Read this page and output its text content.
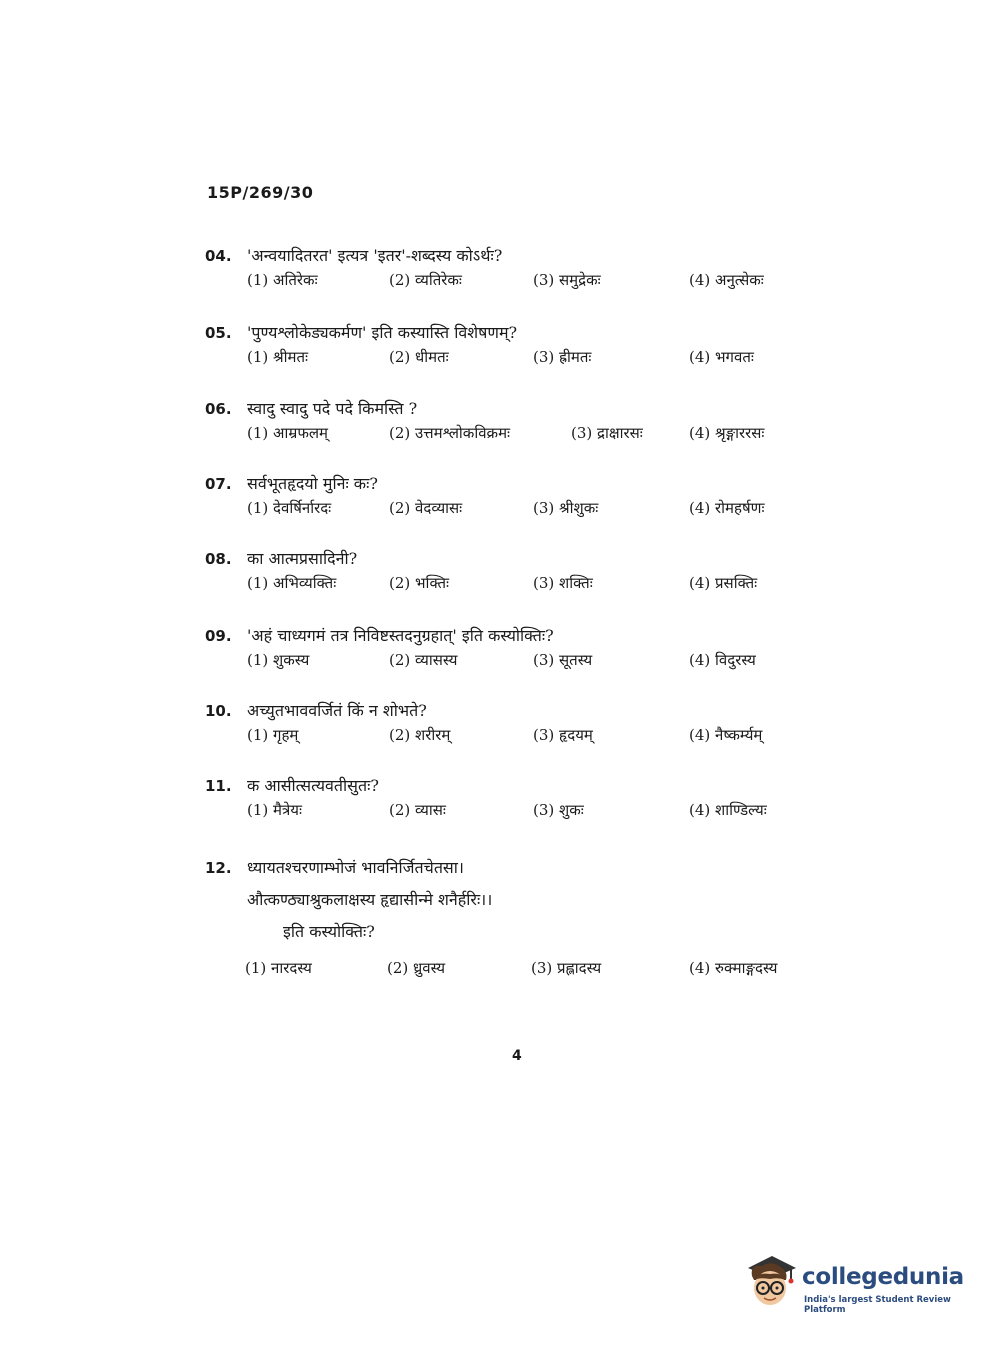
15P/269/30
04. 'अन्वयादितरत' इत्यत्र 'इतर'-शब्दस्य कोऽर्थः?
(1) अतिरेकः	(2) व्यतिरेकः	(3) समुद्रेकः	(4) अनुत्सेकः
05. 'पुण्यश्लोकेड्यकर्मण' इति कस्यास्ति विशेषणम्?
(1) श्रीमतः	(2) धीमतः	(3) ह्रीमतः	(4) भगवतः
06. स्वादु स्वादु पदे पदे किमस्ति ?
(1) आम्रफलम्	(2) उत्तमश्लोकविक्रमः	(3) द्राक्षारसः	(4) श्रृङ्गाररसः
07. सर्वभूतहृदयो मुनिः कः?
(1) देवर्षिर्नारदः	(2) वेदव्यासः	(3) श्रीशुकः	(4) रोमहर्षणः
08. का आत्मप्रसादिनी?
(1) अभिव्यक्तिः	(2) भक्तिः	(3) शक्तिः	(4) प्रसक्तिः
09. 'अहं चाध्यगमं तत्र निविष्टस्तदनुग्रहात्' इति कस्योक्तिः?
(1) शुकस्य	(2) व्यासस्य	(3) सूतस्य	(4) विदुरस्य
10. अच्युतभाववर्जितं किं न शोभते?
(1) गृहम्	(2) शरीरम्	(3) हृदयम्	(4) नैष्कर्म्यम्
11. क आसीत्सत्यवतीसुतः?
(1) मैत्रेयः	(2) व्यासः	(3) शुकः	(4) शाण्डिल्यः
12. ध्यायतश्चरणाम्भोजं भावनिर्जितचेतसा।
औत्कण्ठ्याश्रुकलाक्षस्य हृद्यासीन्मे शनैर्हरिः।।
इति कस्योक्तिः?
(1) नारदस्य	(2) ध्रुवस्य	(3) प्रह्लादस्य	(4) रुक्माङ्गदस्य
4
collegedunia
India's largest Student Review Platform
